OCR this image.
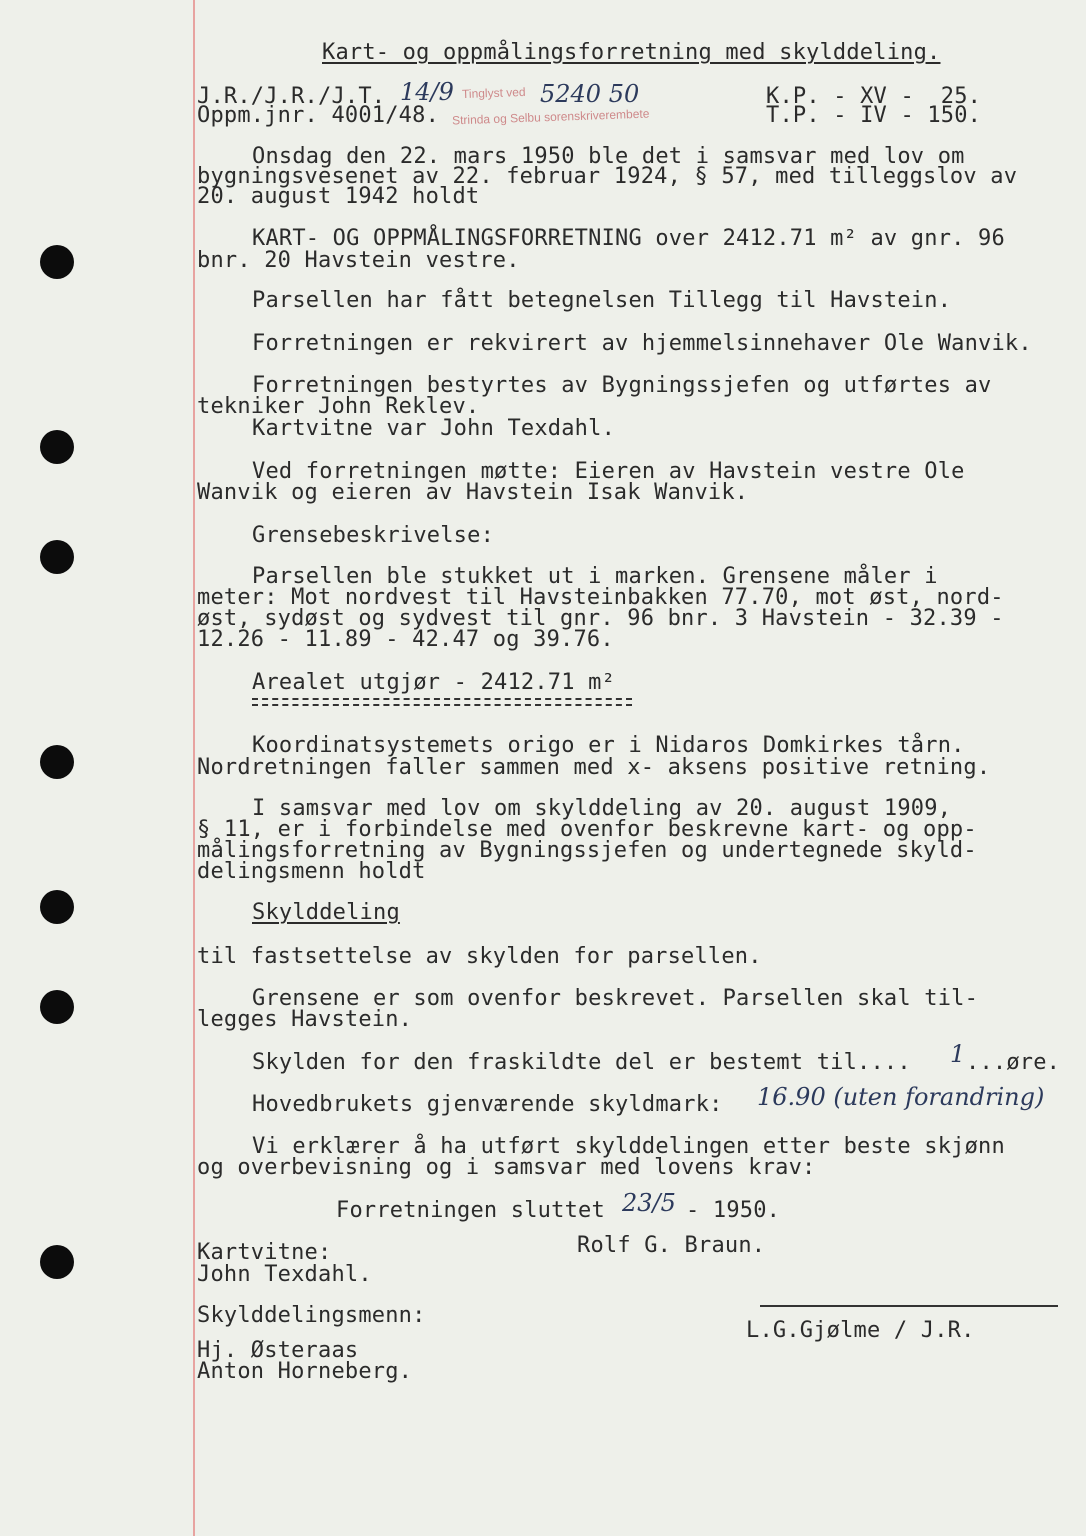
Kart- og oppmålingsforretning med skylddeling.
J.R./J.R./J.T. 14/9 Tinglyst ved 5240 50	K.P. - XV -  25.
Oppm.jnr. 4001/48. Strinda og Selbu sorenskriverembete	T.P. - IV - 150.
Onsdag den 22. mars 1950 ble det i samsvar med lov om
bygningsvesenet av 22. februar 1924, § 57, med tilleggslov av
20. august 1942 holdt
KART- OG OPPMÅLINGSFORRETNING over 2412.71 m² av gnr. 96
bnr. 20 Havstein vestre.
Parsellen har fått betegnelsen Tillegg til Havstein.
Forretningen er rekvirert av hjemmelsinnehaver Ole Wanvik.
Forretningen bestyrtes av Bygningssjefen og utførtes av
tekniker John Reklev.
Kartvitne var John Texdahl.
Ved forretningen møtte: Eieren av Havstein vestre Ole
Wanvik og eieren av Havstein Isak Wanvik.
Grensebeskrivelse:
Parsellen ble stukket ut i marken. Grensene måler i
meter: Mot nordvest til Havsteinbakken 77.70, mot øst, nord-
øst, sydøst og sydvest til gnr. 96 bnr. 3 Havstein - 32.39 -
12.26 - 11.89 - 42.47 og 39.76.
Arealet utgjør - 2412.71 m²
Koordinatsystemets origo er i Nidaros Domkirkes tårn.
Nordretningen faller sammen med x- aksens positive retning.
I samsvar med lov om skylddeling av 20. august 1909,
§ 11, er i forbindelse med ovenfor beskrevne kart- og opp-
målingsforretning av Bygningssjefen og undertegnede skyld-
delingsmenn holdt
Skylddeling
til fastsettelse av skylden for parsellen.
Grensene er som ovenfor beskrevet. Parsellen skal til-
legges Havstein.
Skylden for den fraskildte del er bestemt til.... 1 ...øre.
Hovedbrukets gjenværende skyldmark: 16.90 (uten forandring)
Vi erklærer å ha utført skylddelingen etter beste skjønn
og overbevisning og i samsvar med lovens krav:
Forretningen sluttet 23/5 - 1950.
Rolf G. Braun.
Kartvitne:
John Texdahl.
Skylddelingsmenn:
L.G.Gjølme / J.R.
Hj. Østeraas
Anton Horneberg.
